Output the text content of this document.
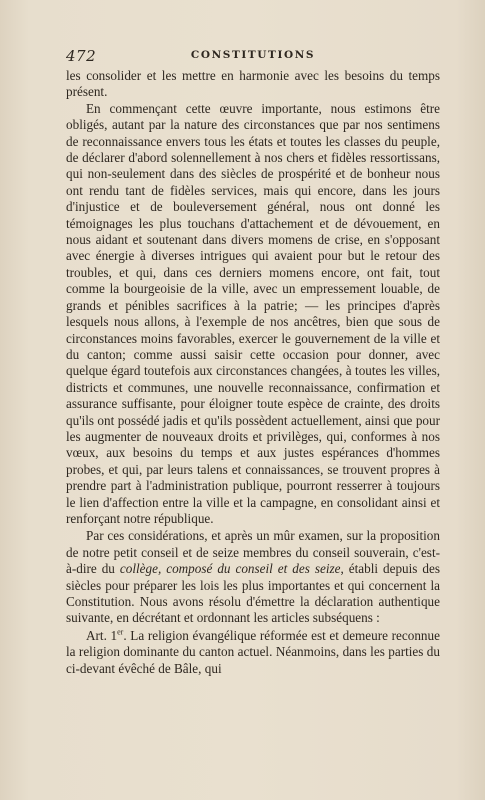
472	CONSTITUTIONS

les consolider et les mettre en harmonie avec les besoins du temps présent.

En commençant cette œuvre importante, nous estimons être obligés, autant par la nature des circonstances que par nos sentimens de reconnaissance envers tous les états et toutes les classes du peuple, de déclarer d'abord solennellement à nos chers et fidèles ressortissans, qui non-seulement dans des siècles de prospérité et de bonheur nous ont rendu tant de fidèles services, mais qui encore, dans les jours d'injustice et de bouleversement général, nous ont donné les témoignages les plus touchans d'attachement et de dévouement, en nous aidant et soutenant dans divers momens de crise, en s'opposant avec énergie à diverses intrigues qui avaient pour but le retour des troubles, et qui, dans ces derniers momens encore, ont fait, tout comme la bourgeoisie de la ville, avec un empressement louable, de grands et pénibles sacrifices à la patrie; — les principes d'après lesquels nous allons, à l'exemple de nos ancêtres, bien que sous de circonstances moins favorables, exercer le gouvernement de la ville et du canton; comme aussi saisir cette occasion pour donner, avec quelque égard toutefois aux circonstances changées, à toutes les villes, districts et communes, une nouvelle reconnaissance, confirmation et assurance suffisante, pour éloigner toute espèce de crainte, des droits qu'ils ont possédé jadis et qu'ils possèdent actuellement, ainsi que pour les augmenter de nouveaux droits et privilèges, qui, conformes à nos vœux, aux besoins du temps et aux justes espérances d'hommes probes, et qui, par leurs talens et connaissances, se trouvent propres à prendre part à l'administration publique, pourront resserrer à toujours le lien d'affection entre la ville et la campagne, en consolidant ainsi et renforçant notre république.

Par ces considérations, et après un mûr examen, sur la proposition de notre petit conseil et de seize membres du conseil souverain, c'est-à-dire du collège, composé du conseil et des seize, établi depuis des siècles pour préparer les lois les plus importantes et qui concernent la Constitution. Nous avons résolu d'émettre la déclaration authentique suivante, en décrétant et ordonnant les articles subséquens :

Art. 1er. La religion évangélique réformée est et demeure reconnue la religion dominante du canton actuel. Néanmoins, dans les parties du ci-devant évêché de Bâle, qui
